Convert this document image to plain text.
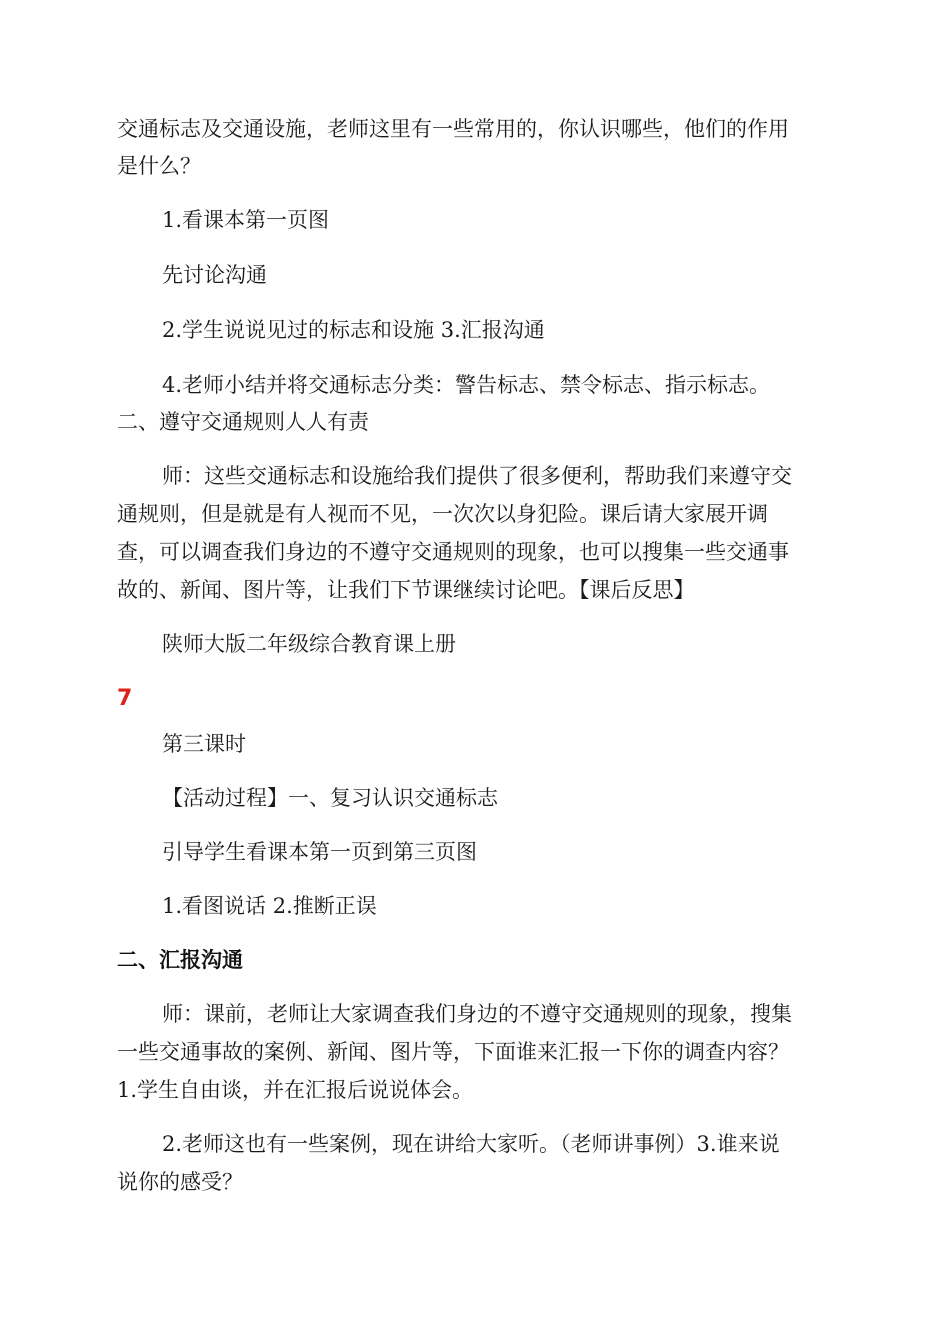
交通标志及交通设施，老师这里有一些常用的，你认识哪些，他们的作用
是什么？
1.看课本第一页图
先讨论沟通
2.学生说说见过的标志和设施 3.汇报沟通
4.老师小结并将交通标志分类：警告标志、禁令标志、指示标志。
二、遵守交通规则人人有责
师：这些交通标志和设施给我们提供了很多便利，帮助我们来遵守交
通规则，但是就是有人视而不见，一次次以身犯险。课后请大家展开调
查，可以调查我们身边的不遵守交通规则的现象，也可以搜集一些交通事
故的、新闻、图片等，让我们下节课继续讨论吧。【课后反思】
陕师大版二年级综合教育课上册
7
第三课时
【活动过程】一、复习认识交通标志
引导学生看课本第一页到第三页图
1.看图说话 2.推断正误
二、汇报沟通
师：课前，老师让大家调查我们身边的不遵守交通规则的现象，搜集
一些交通事故的案例、新闻、图片等，下面谁来汇报一下你的调查内容？
1.学生自由谈，并在汇报后说说体会。
2.老师这也有一些案例，现在讲给大家听。（老师讲事例）3.谁来说
说你的感受？
